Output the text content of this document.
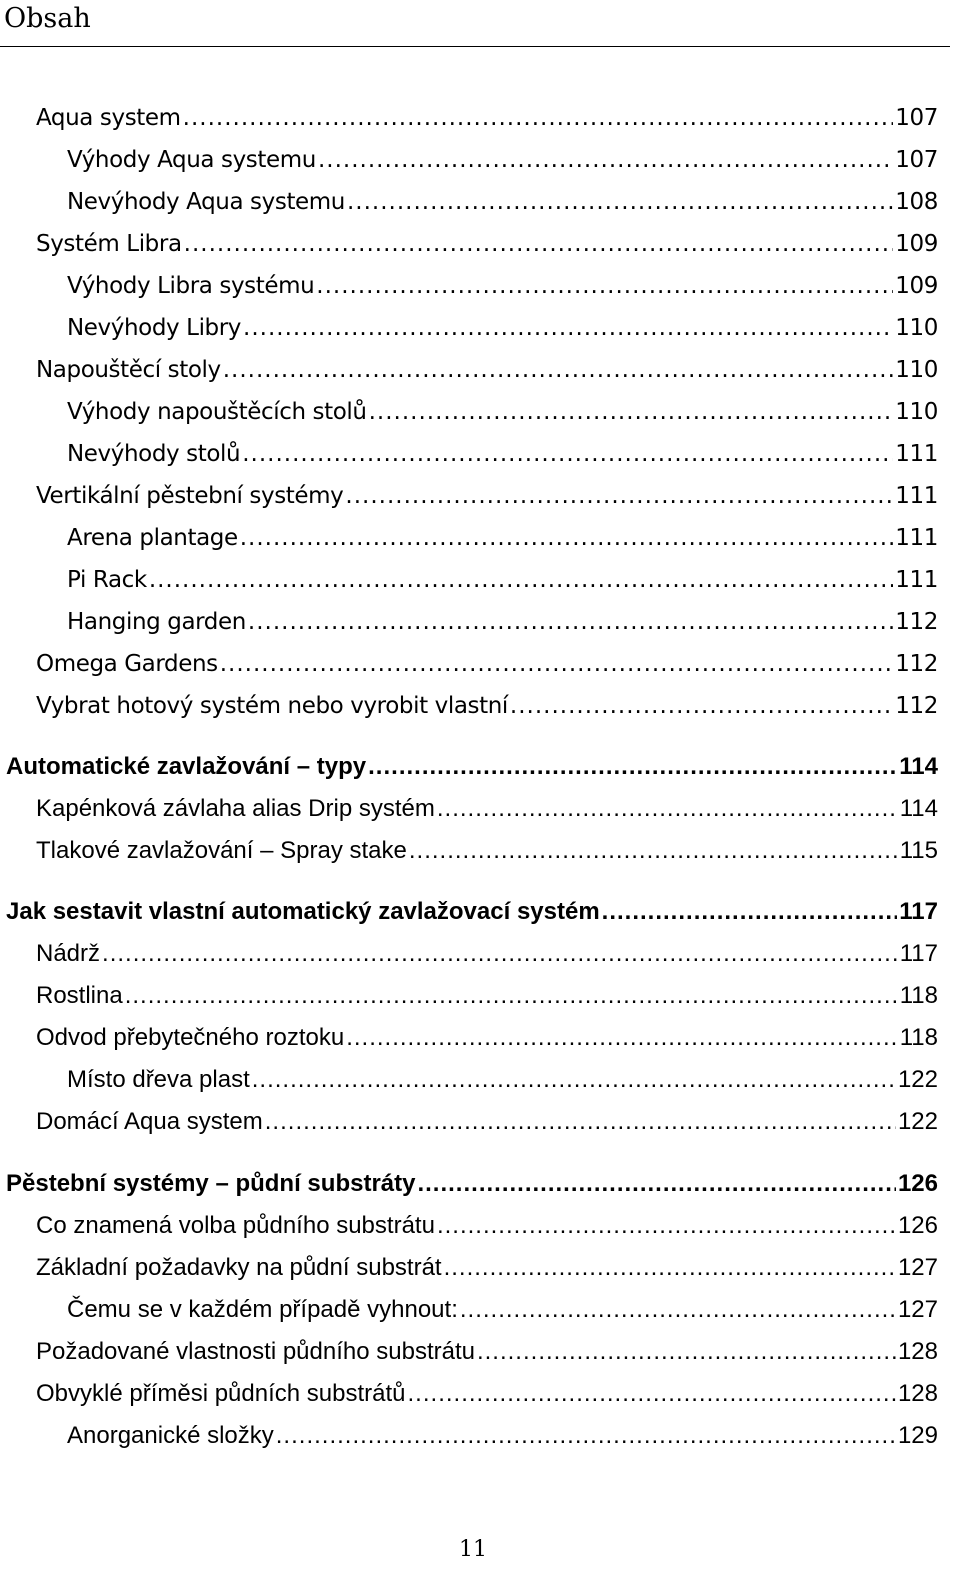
Obsah
Aqua system .....	107
Výhody Aqua systemu .....	107
Nevýhody Aqua systemu .....	108
Systém Libra .....	109
Výhody Libra systému .....	109
Nevýhody Libry .....	110
Napouštěcí stoly .....	110
Výhody napouštěcích stolů .....	110
Nevýhody stolů .....	111
Vertikální pěstební systémy .....	111
Arena plantage .....	111
Pi Rack .....	111
Hanging garden .....	112
Omega Gardens .....	112
Vybrat hotový systém nebo vyrobit vlastní .....	112
Automatické zavlažování – typy .....	114
Kapénková závlaha alias Drip systém .....	114
Tlakové zavlažování – Spray stake .....	115
Jak sestavit vlastní automatický zavlažovací systém .....	117
Nádrž .....	117
Rostlina .....	118
Odvod přebytečného roztoku .....	118
Místo dřeva plast .....	122
Domácí Aqua system .....	122
Pěstební systémy – půdní substráty .....	126
Co znamená volba půdního substrátu .....	126
Základní požadavky na půdní substrát .....	127
Čemu se v každém případě vyhnout: .....	127
Požadované vlastnosti půdního substrátu .....	128
Obvyklé příměsi půdních substrátů .....	128
Anorganické složky .....	129
11
